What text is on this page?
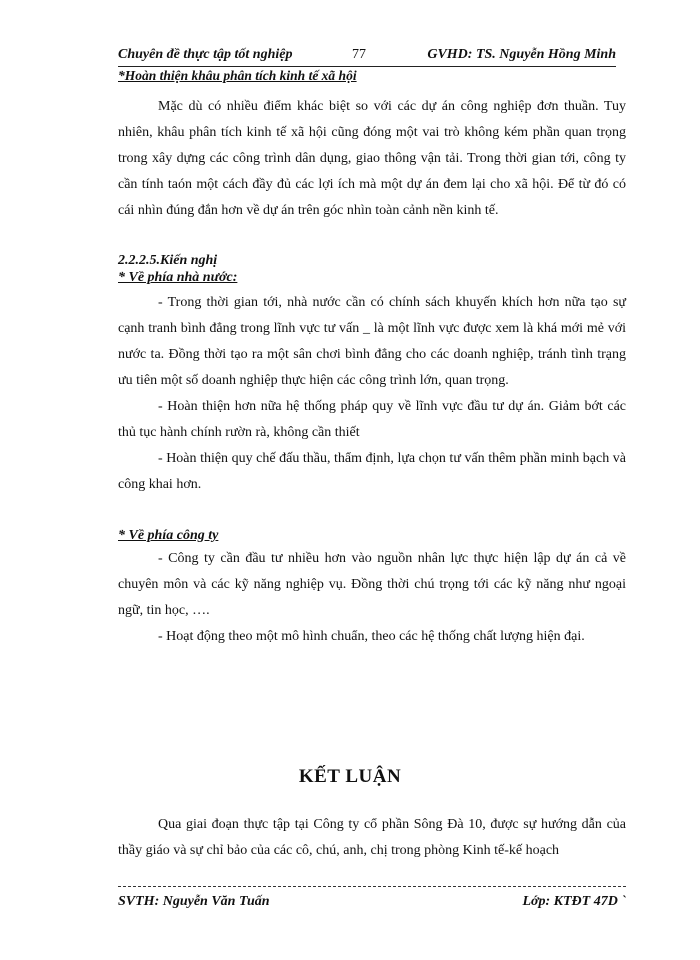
Chuyên đề thực tập tốt nghiệp	77	GVHD: TS. Nguyễn Hồng Minh
*Hoàn thiện khâu phân tích kinh tế xã hội

Mặc dù có nhiều điểm khác biệt so với các dự án công nghiệp đơn thuần. Tuy nhiên, khâu phân tích kinh tế xã hội cũng đóng một vai trò không kém phần quan trọng trong xây dựng các công trình dân dụng, giao thông vận tải. Trong thời gian tới, công ty cần tính taón một cách đầy đủ các lợi ích mà một dự án đem lại cho xã hội. Để từ đó có cái nhìn đúng đắn hơn về dự án trên góc nhìn toàn cảnh nền kinh tế.

2.2.2.5.Kiến nghị
* Về phía nhà nước:

- Trong thời gian tới, nhà nước cần có chính sách khuyến khích hơn nữa tạo sự cạnh tranh bình đẳng trong lĩnh vực tư vấn _ là một lĩnh vực được xem là khá mới mẻ với nước ta. Đồng thời tạo ra một sân chơi bình đẳng cho các doanh nghiệp, tránh tình trạng ưu tiên một số doanh nghiệp thực hiện các công trình lớn, quan trọng.

- Hoàn thiện hơn nữa hệ thống pháp quy về lĩnh vực đầu tư dự án. Giảm bớt các thủ tục hành chính rườn rà, không cần thiết

- Hoàn thiện quy chế đấu thầu, thẩm định, lựa chọn tư vấn thêm phần minh bạch và công khai hơn.

* Về phía công ty

- Công ty cần đầu tư nhiều hơn vào nguồn nhân lực thực hiện lập dự án cả về chuyên môn và các kỹ năng nghiệp vụ. Đồng thời chú trọng tới các kỹ năng như ngoại ngữ, tin học, ….

- Hoạt động theo một mô hình chuẩn, theo các hệ thống chất lượng hiện đại.

KẾT LUẬN

Qua giai đoạn thực tập tại Công ty cổ phần Sông Đà 10, được sự hướng dẫn của thầy giáo và sự chỉ bảo của các cô, chú, anh, chị trong phòng Kinh tế-kế hoạch

SVTH: Nguyễn Văn Tuấn	Lớp: KTĐT 47D `
